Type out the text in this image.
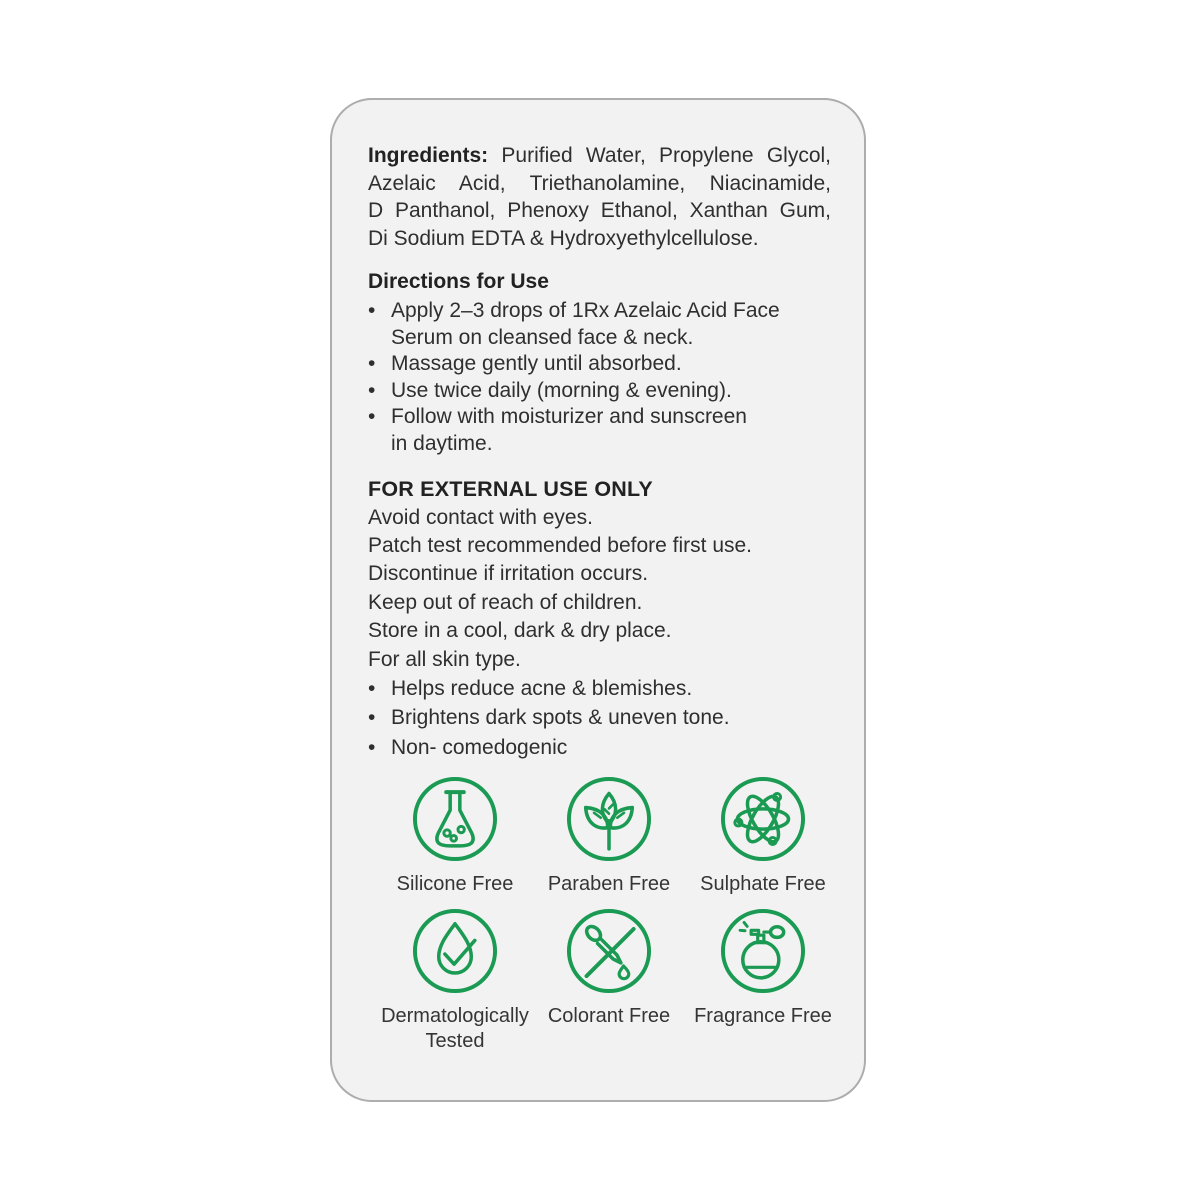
Ingredients: Purified Water, Propylene Glycol, Azelaic Acid, Triethanolamine, Niacinamide, D Panthanol, Phenoxy Ethanol, Xanthan Gum, Di Sodium EDTA & Hydroxyethylcellulose.

Directions for Use
• Apply 2–3 drops of 1Rx Azelaic Acid Face Serum on cleansed face & neck.
• Massage gently until absorbed.
• Use twice daily (morning & evening).
• Follow with moisturizer and sunscreen in daytime.
FOR EXTERNAL USE ONLY
Avoid contact with eyes.
Patch test recommended before first use.
Discontinue if irritation occurs.
Keep out of reach of children.
Store in a cool, dark & dry place.
For all skin type.
• Helps reduce acne & blemishes.
• Brightens dark spots & uneven tone.
• Non- comedogenic
Silicone Free Paraben Free Sulphate Free
Dermatologically Tested
Colorant Free Fragrance Free
